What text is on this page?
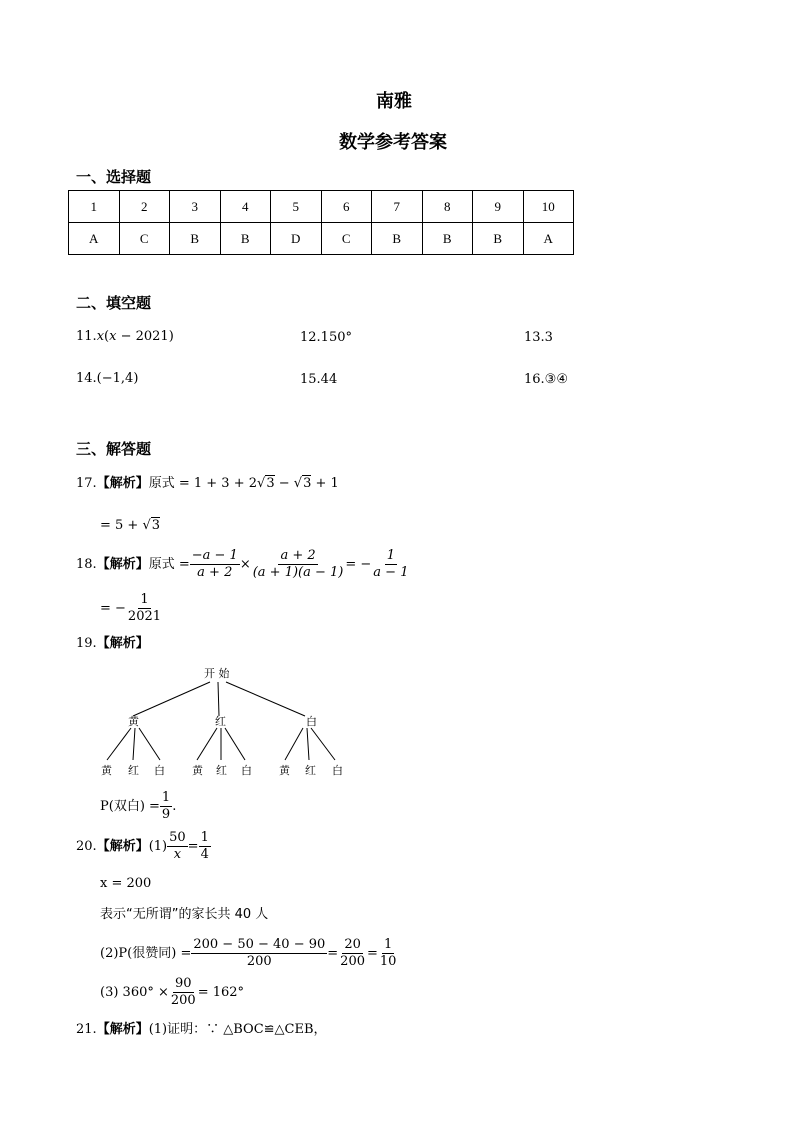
南雅
数学参考答案
一、选择题
1	2	3	4	5	6	7	8	9	10
A	C	B	B	D	C	B	B	B	A
二、填空题
11.x(x − 2021)	12.150°	13.3
14.(−1,4)	15.44	16.③④
三、解答题
17.【解析】原式 = 1 + 3 + 2√3 − √3 + 1
= 5 + √3
18. 【解析】 原式 = $\frac{-a - 1}{a + 2} \times \frac{a + 2}{(a + 1)(a - 1)}$ = − $\frac{1}{a - 1}$
= − $\frac{1}{2021}$
19.【解析】
开 始
黄	红	白
黄 红 白 黄 红 白 黄 红 白
P(双白) = $\frac{1}{9}$ .
20. 【解析】 $(1) \frac{50}{x} = \frac{1}{4}$
x = 200
表示“无所谓”的家长共 40 人
(2) P(很赞同) = $\frac{200 - 50 - 40 - 90}{200} = \frac{20}{200} = \frac{1}{10}$
(3) $360^\circ \times \frac{90}{200} = 162^\circ$
21.【解析】(1)证明：∵ △BOC≌△CEB，
